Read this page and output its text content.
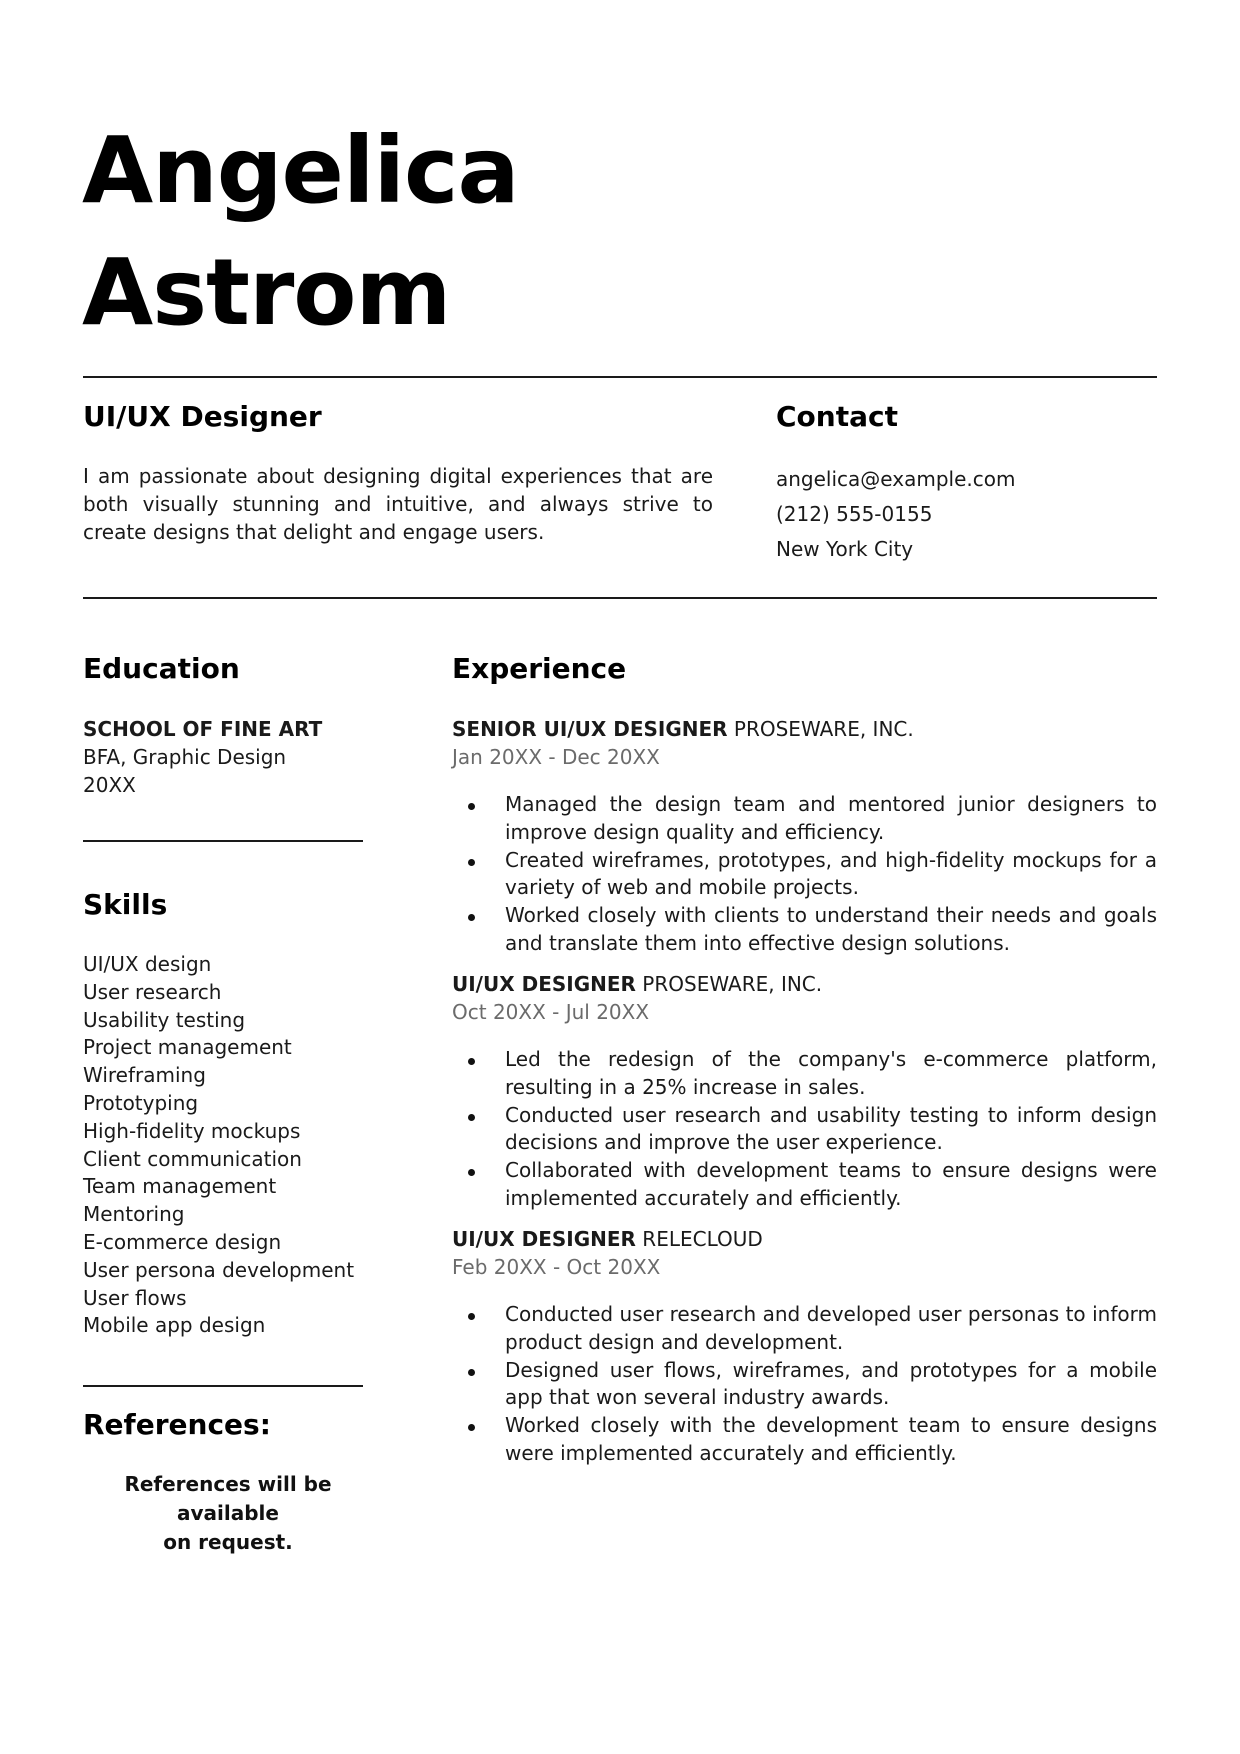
Angelica
Astrom
UI/UX Designer

I am passionate about designing digital experiences that are both visually stunning and intuitive, and always strive to create designs that delight and engage users.

Contact
angelica@example.com
(212) 555-0155
New York City
Education
SCHOOL OF FINE ART
BFA, Graphic Design
20XX
Skills
UI/UX design
User research
Usability testing
Project management
Wireframing
Prototyping
High-fidelity mockups
Client communication
Team management
Mentoring
E-commerce design
User persona development
User flows
Mobile app design
References:
References will be available
on request.
Experience
SENIOR UI/UX DESIGNER PROSEWARE, INC.
Jan 20XX - Dec 20XX
Managed the design team and mentored junior designers to improve design quality and efficiency.
Created wireframes, prototypes, and high-fidelity mockups for a variety of web and mobile projects.
Worked closely with clients to understand their needs and goals and translate them into effective design solutions.
UI/UX DESIGNER PROSEWARE, INC.
Oct 20XX - Jul 20XX
Led the redesign of the company's e-commerce platform, resulting in a 25% increase in sales.
Conducted user research and usability testing to inform design decisions and improve the user experience.
Collaborated with development teams to ensure designs were implemented accurately and efficiently.
UI/UX DESIGNER RELECLOUD
Feb 20XX - Oct 20XX
Conducted user research and developed user personas to inform product design and development.
Designed user flows, wireframes, and prototypes for a mobile app that won several industry awards.
Worked closely with the development team to ensure designs were implemented accurately and efficiently.
